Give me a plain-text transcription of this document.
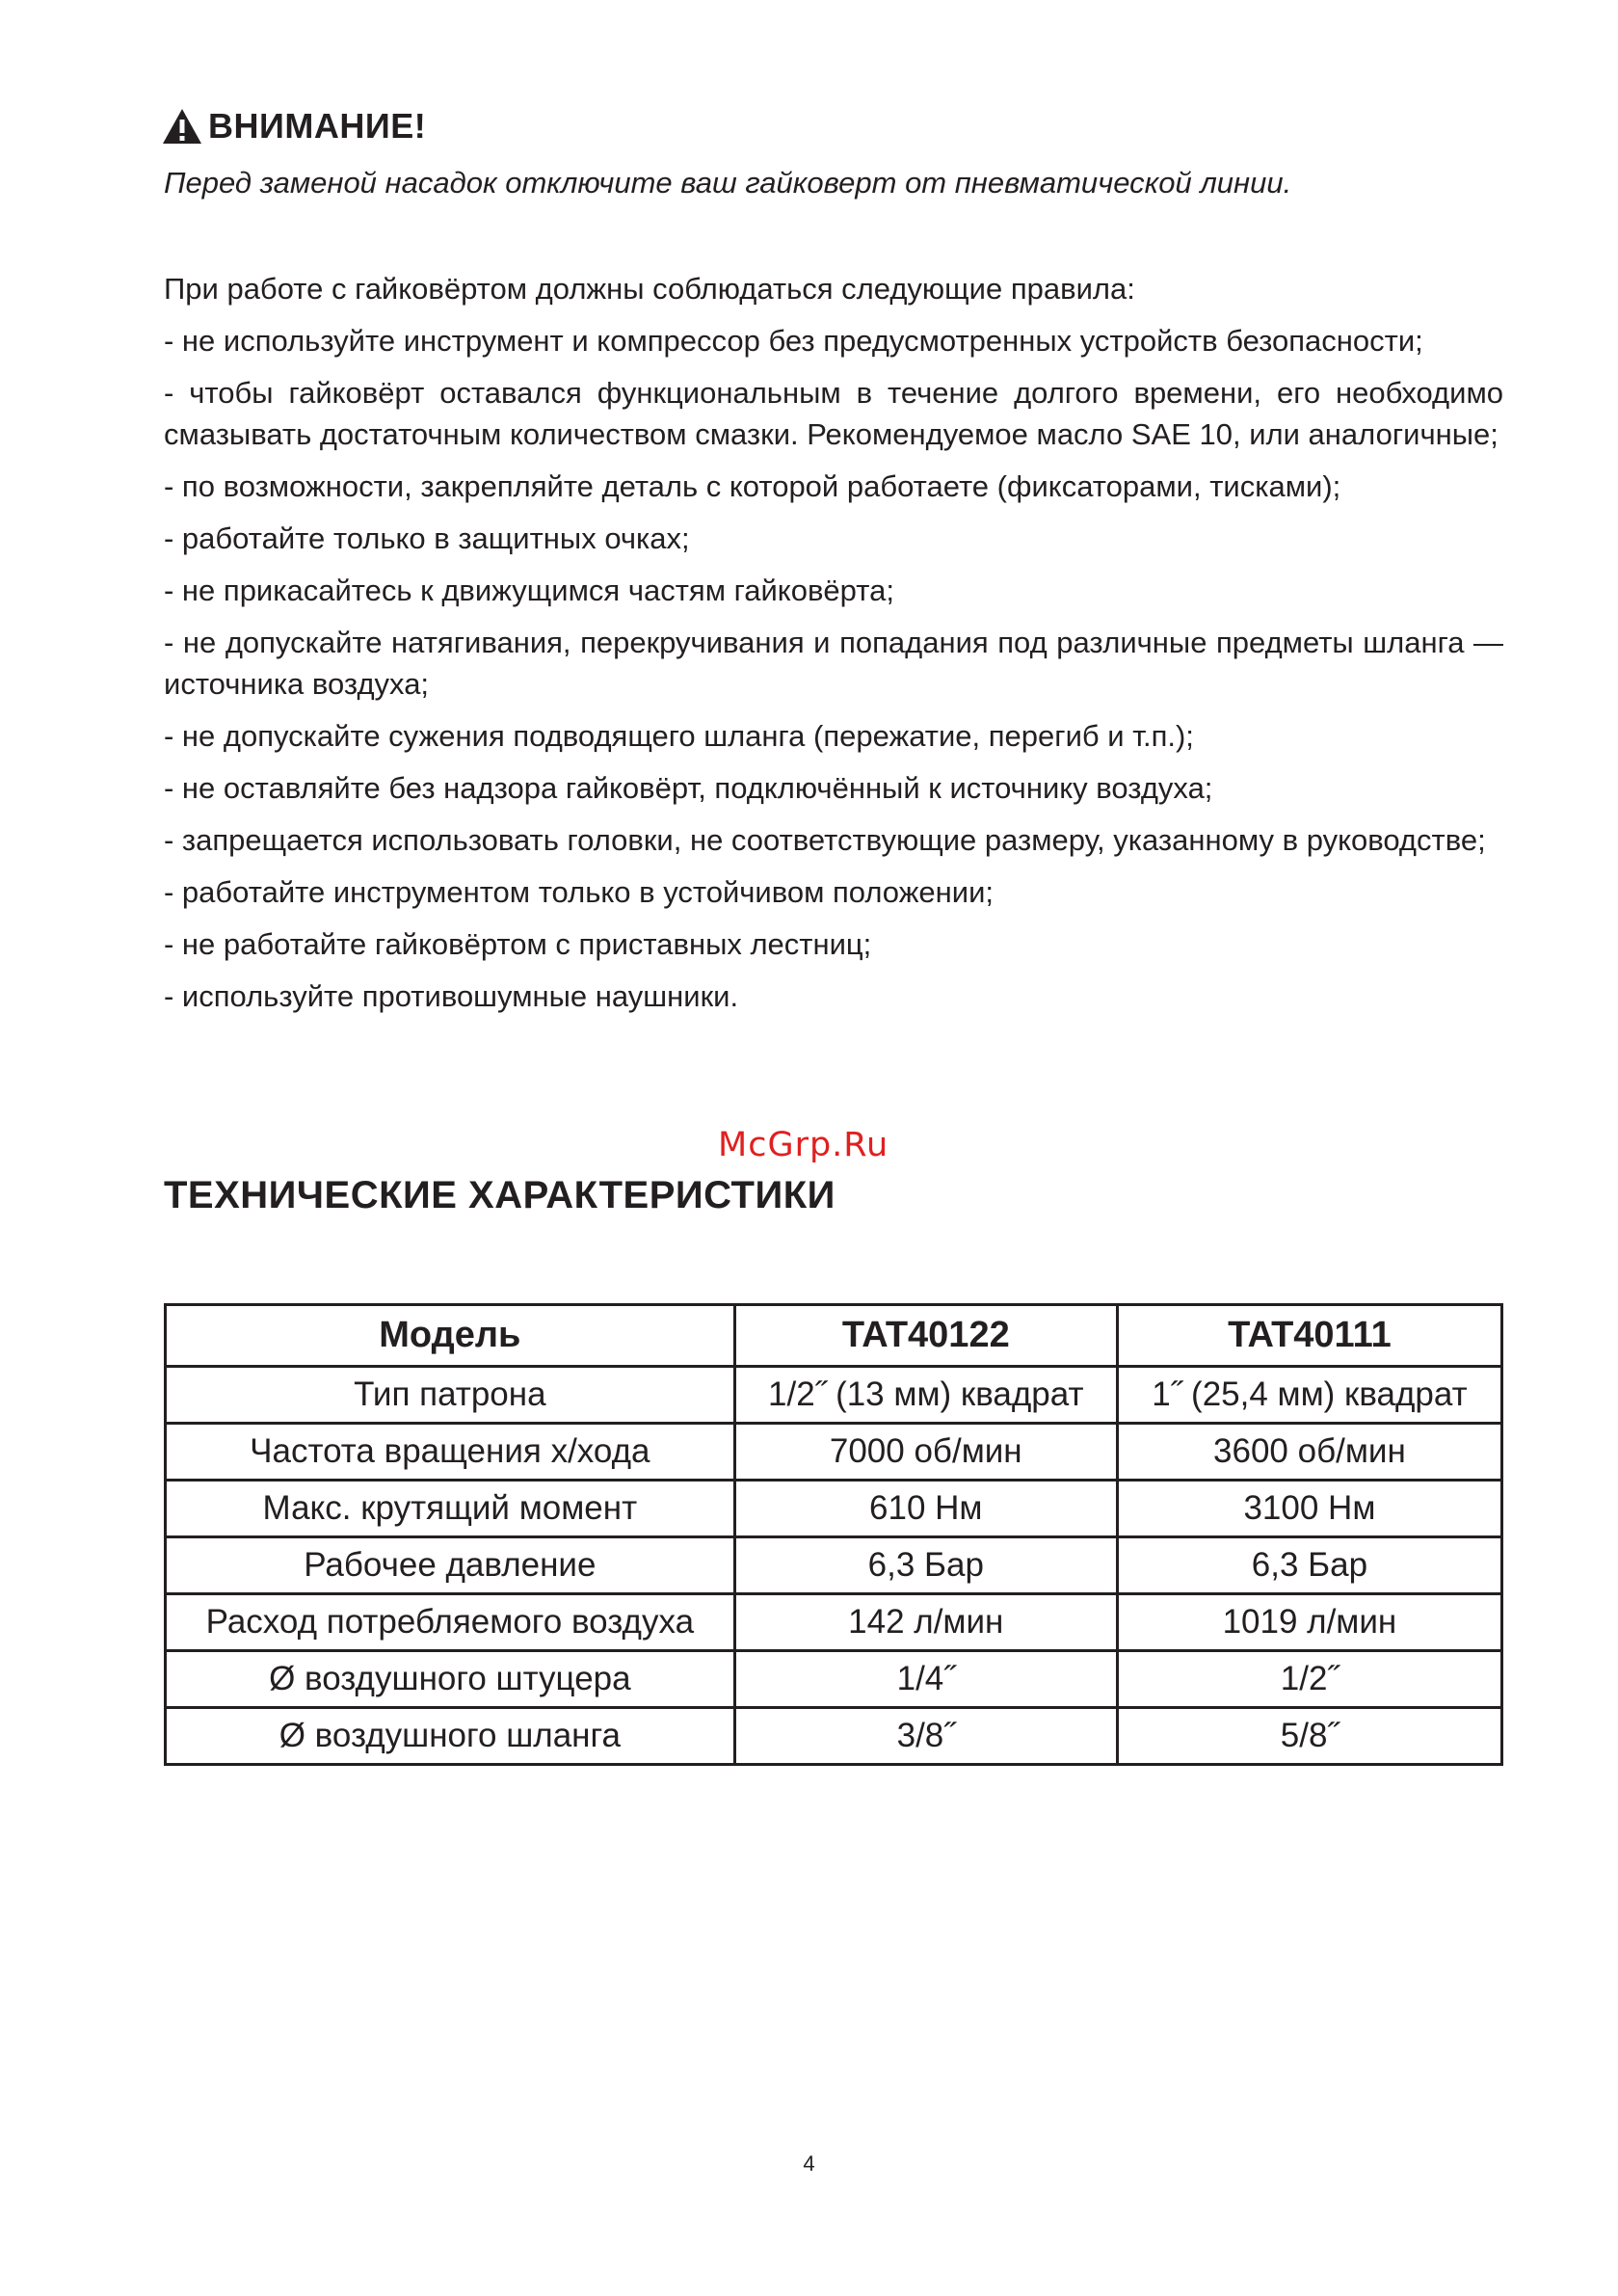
ВНИМАНИЕ!
Перед заменой насадок отключите ваш гайковерт от пневматической линии.

При работе с гайковёртом должны соблюдаться следующие правила:

- не используйте инструмент и компрессор без предусмотренных устройств безопасности;

- чтобы гайковёрт оставался функциональным в течение долгого времени, его необходимо смазывать достаточным количеством смазки. Рекомендуемое масло SAE 10, или аналогичные;

- по возможности, закрепляйте деталь с которой работаете (фиксаторами, тисками);

- работайте только в защитных очках;

- не прикасайтесь к движущимся частям гайковёрта;

- не допускайте натягивания, перекручивания и попадания под различные предметы шланга — источника воздуха;

- не допускайте сужения подводящего шланга (пережатие, перегиб и т.п.);

- не оставляйте без надзора гайковёрт, подключённый к источнику воздуха;

- запрещается использовать головки, не соответствующие размеру, указанному в руководстве;

- работайте инструментом только в устойчивом положении;

- не работайте гайковёртом с приставных лестниц;

- используйте противошумные наушники.

McGrp.Ru
ТЕХНИЧЕСКИЕ ХАРАКТЕРИСТИКИ
Модель	TAT40122	TAT40111
Тип патрона	1/2˝ (13 мм) квадрат	1˝ (25,4 мм) квадрат
Частота вращения х/хода	7000 об/мин	3600 об/мин
Макс. крутящий момент	610 Нм	3100 Нм
Рабочее давление	6,3 Бар	6,3 Бар
Расход потребляемого воздуха	142 л/мин	1019 л/мин
Ø воздушного штуцера	1/4˝	1/2˝
Ø воздушного шланга	3/8˝	5/8˝
4
